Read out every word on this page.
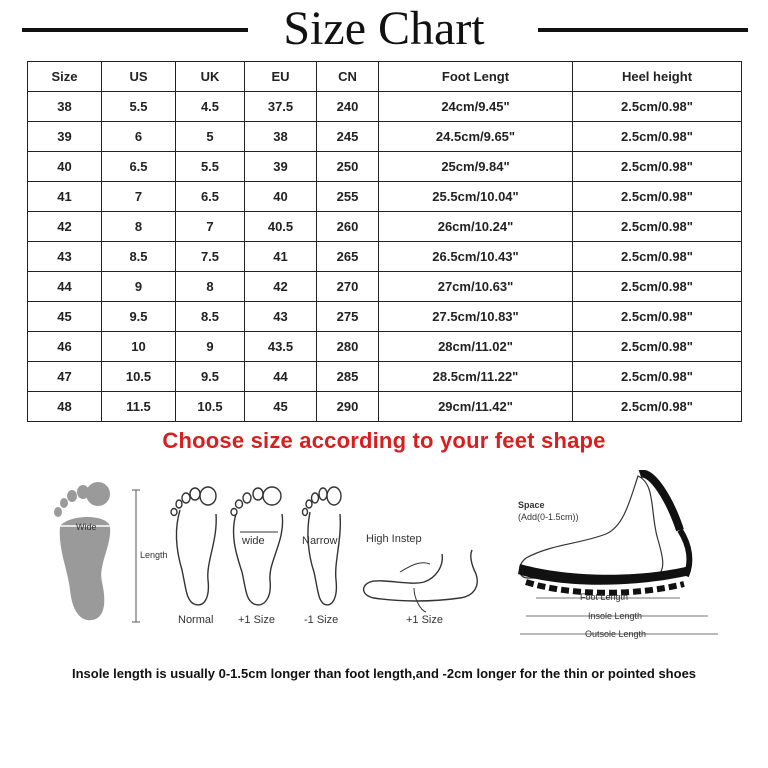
Size Chart
Size	US	UK	EU	CN	Foot Lengt	Heel height
38	5.5	4.5	37.5	240	24cm/9.45"	2.5cm/0.98"
39	6	5	38	245	24.5cm/9.65"	2.5cm/0.98"
40	6.5	5.5	39	250	25cm/9.84"	2.5cm/0.98"
41	7	6.5	40	255	25.5cm/10.04"	2.5cm/0.98"
42	8	7	40.5	260	26cm/10.24"	2.5cm/0.98"
43	8.5	7.5	41	265	26.5cm/10.43"	2.5cm/0.98"
44	9	8	42	270	27cm/10.63"	2.5cm/0.98"
45	9.5	8.5	43	275	27.5cm/10.83"	2.5cm/0.98"
46	10	9	43.5	280	28cm/11.02"	2.5cm/0.98"
47	10.5	9.5	44	285	28.5cm/11.22"	2.5cm/0.98"
48	11.5	10.5	45	290	29cm/11.42"	2.5cm/0.98"
Choose size according to your feet shape
Wide
Length
Normal
wide
+1 Size
Narrow
-1 Size
High Instep
+1 Size
Space
(Add(0-1.5cm))
Foot Length
Insole Length
Outsole Length
Insole length is usually 0-1.5cm longer than foot length,and -2cm longer for the thin or pointed shoes
